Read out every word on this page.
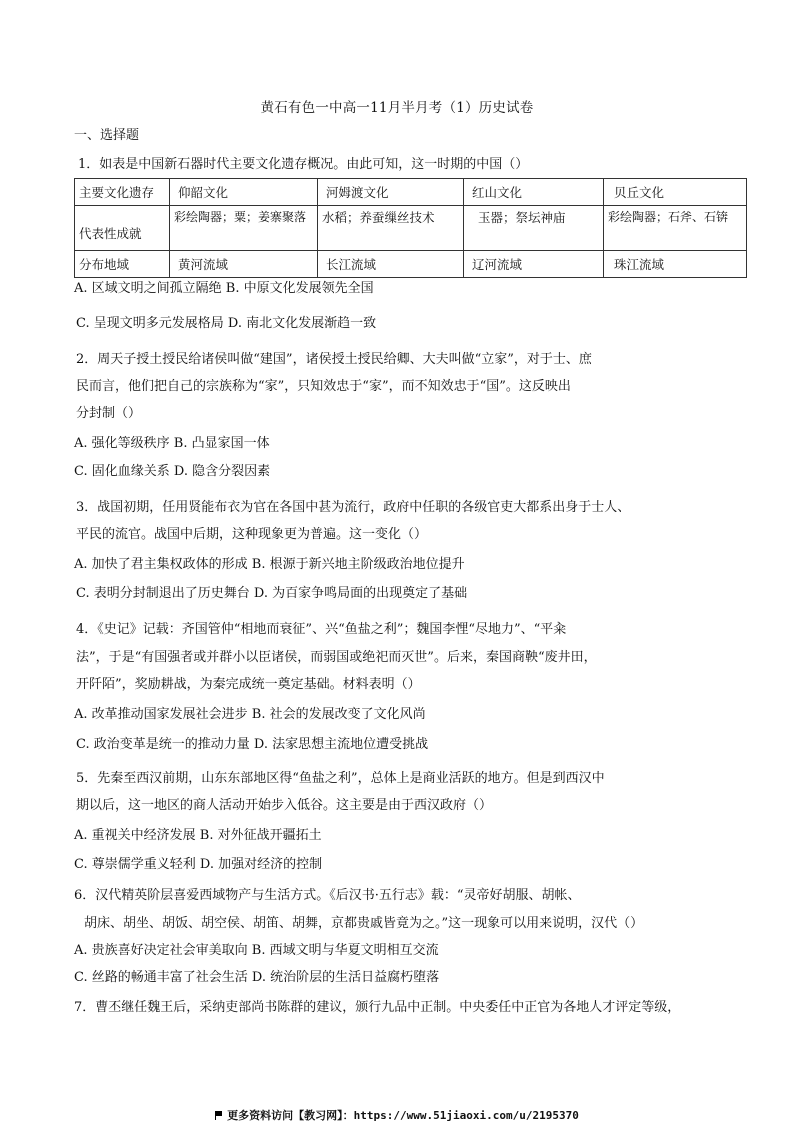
黄石有色一中高一11月半月考（1）历史试卷
一、选择题
1．如表是中国新石器时代主要文化遗存概况。由此可知，这一时期的中国（）
主要文化遗存	仰韶文化	河姆渡文化	红山文化	贝丘文化
代表性成就	彩绘陶器；粟；姜寨聚落	水稻；养蚕缫丝技术	玉器；祭坛神庙	彩绘陶器；石斧、石锛
分布地域	黄河流域	长江流域	辽河流域	珠江流域
A. 区域文明之间孤立隔绝 B. 中原文化发展领先全国
C. 呈现文明多元发展格局 D. 南北文化发展渐趋一致
2．周天子授土授民给诸侯叫做“建国”，诸侯授土授民给卿、大夫叫做“立家”，对于士、庶
民而言，他们把自己的宗族称为“家”，只知效忠于“家”，而不知效忠于“国”。这反映出
分封制（）
A. 强化等级秩序 B. 凸显家国一体
C. 固化血缘关系 D. 隐含分裂因素
3．战国初期，任用贤能布衣为官在各国中甚为流行，政府中任职的各级官吏大都系出身于士人、
平民的流官。战国中后期，这种现象更为普遍。这一变化（）
A. 加快了君主集权政体的形成 B. 根源于新兴地主阶级政治地位提升
C. 表明分封制退出了历史舞台 D. 为百家争鸣局面的出现奠定了基础
4．《史记》记载：齐国管仲“相地而衰征”、兴“鱼盐之利”；魏国李悝“尽地力”、“平籴
法”，于是“有国强者或并群小以臣诸侯，而弱国或绝祀而灭世”。后来，秦国商鞅“废井田，
开阡陌”，奖励耕战，为秦完成统一奠定基础。材料表明（）
A. 改革推动国家发展社会进步 B. 社会的发展改变了文化风尚
C. 政治变革是统一的推动力量 D. 法家思想主流地位遭受挑战
5．先秦至西汉前期，山东东部地区得“鱼盐之利”，总体上是商业活跃的地方。但是到西汉中
期以后，这一地区的商人活动开始步入低谷。这主要是由于西汉政府（）
A. 重视关中经济发展 B. 对外征战开疆拓土
C. 尊崇儒学重义轻利 D. 加强对经济的控制
6．汉代精英阶层喜爱西域物产与生活方式。《后汉书·五行志》载：“灵帝好胡服、胡帐、
胡床、胡坐、胡饭、胡空侯、胡笛、胡舞，京都贵戚皆竟为之。”这一现象可以用来说明，汉代（）
A. 贵族喜好决定社会审美取向 B. 西域文明与华夏文明相互交流
C. 丝路的畅通丰富了社会生活 D. 统治阶层的生活日益腐朽堕落
7．曹丕继任魏王后，采纳吏部尚书陈群的建议，颁行九品中正制。中央委任中正官为各地人才评定等级，
更多资料访问【教习网】：https://www.51jiaoxi.com/u/2195370
